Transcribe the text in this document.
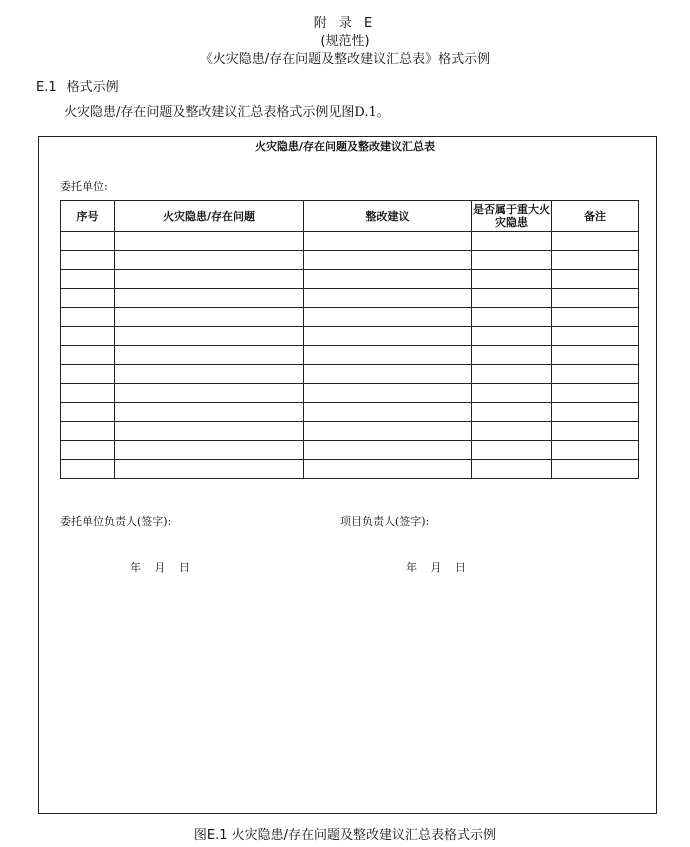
附 录 E
(规范性)
《火灾隐患/存在问题及整改建议汇总表》格式示例
E.1 格式示例
火灾隐患/存在问题及整改建议汇总表格式示例见图D.1。
火灾隐患/存在问题及整改建议汇总表
委托单位:
序号	火灾隐患/存在问题	整改建议	是否属于重大火灾隐患	备注

委托单位负责人(签字):	项目负责人(签字):
年 月 日	年 月 日
图E.1 火灾隐患/存在问题及整改建议汇总表格式示例
